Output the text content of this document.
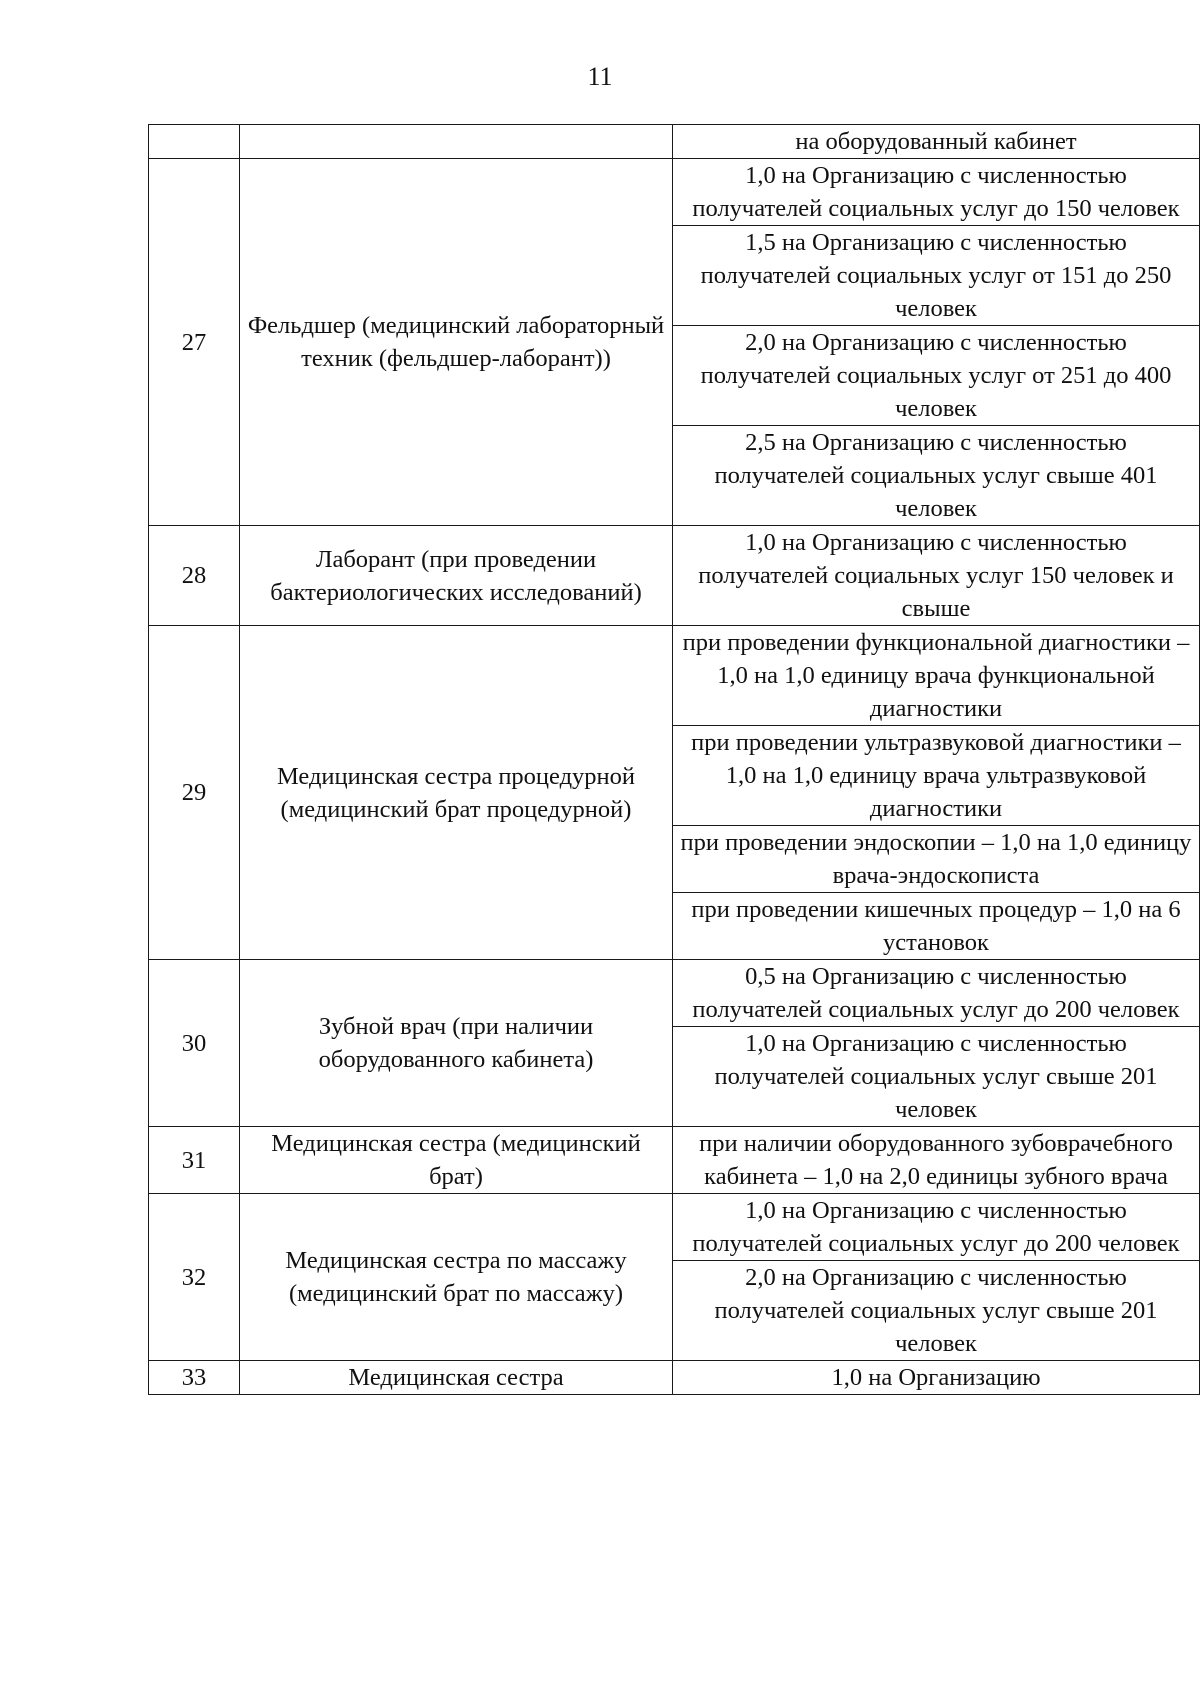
11
		на оборудованный кабинет
27	Фельдшер (медицинский лабораторный техник (фельдшер-лаборант))	1,0 на Организацию с численностью получателей социальных услуг до 150 человек
		1,5 на Организацию с численностью получателей социальных услуг от 151 до 250 человек
		2,0 на Организацию с численностью получателей социальных услуг от 251 до 400 человек
		2,5 на Организацию с численностью получателей социальных услуг свыше 401 человек
28	Лаборант (при проведении бактериологических исследований)	1,0 на Организацию с численностью получателей социальных услуг 150 человек и свыше
29	Медицинская сестра процедурной (медицинский брат процедурной)	при проведении функциональной диагностики – 1,0 на 1,0 единицу врача функциональной диагностики
		при проведении ультразвуковой диагностики – 1,0 на 1,0 единицу врача ультразвуковой диагностики
		при проведении эндоскопии – 1,0 на 1,0 единицу врача-эндоскописта
		при проведении кишечных процедур – 1,0 на 6 установок
30	Зубной врач (при наличии оборудованного кабинета)	0,5 на Организацию с численностью получателей социальных услуг до 200 человек
		1,0 на Организацию с численностью получателей социальных услуг свыше 201 человек
31	Медицинская сестра (медицинский брат)	при наличии оборудованного зубоврачебного кабинета – 1,0 на 2,0 единицы зубного врача
32	Медицинская сестра по массажу (медицинский брат по массажу)	1,0 на Организацию с численностью получателей социальных услуг до 200 человек
		2,0 на Организацию с численностью получателей социальных услуг свыше 201 человек
33	Медицинская сестра	1,0 на Организацию
